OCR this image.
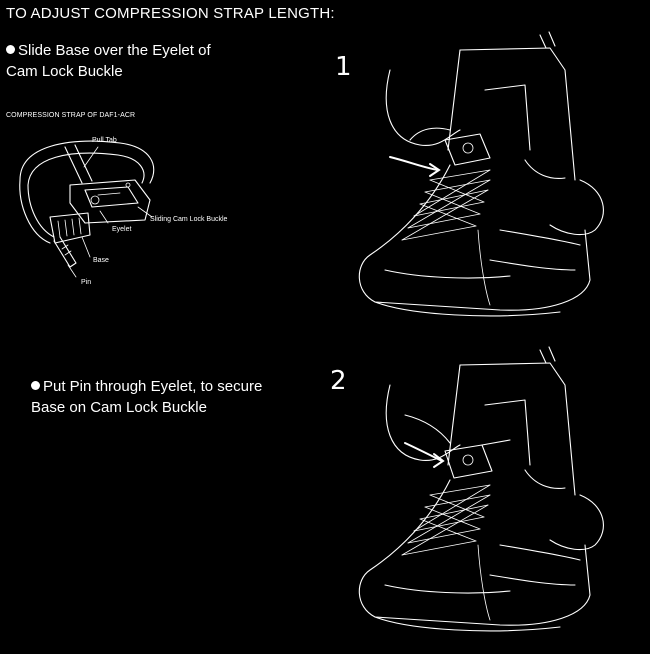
TO ADJUST COMPRESSION STRAP LENGTH:
Slide Base over the Eyelet of
Cam Lock Buckle
COMPRESSION STRAP OF DAF1-ACR
Pull Tab
Sliding Cam Lock Buckle
Eyelet
Base
Pin
1
2
Put Pin through Eyelet, to secure
Base on Cam Lock Buckle
